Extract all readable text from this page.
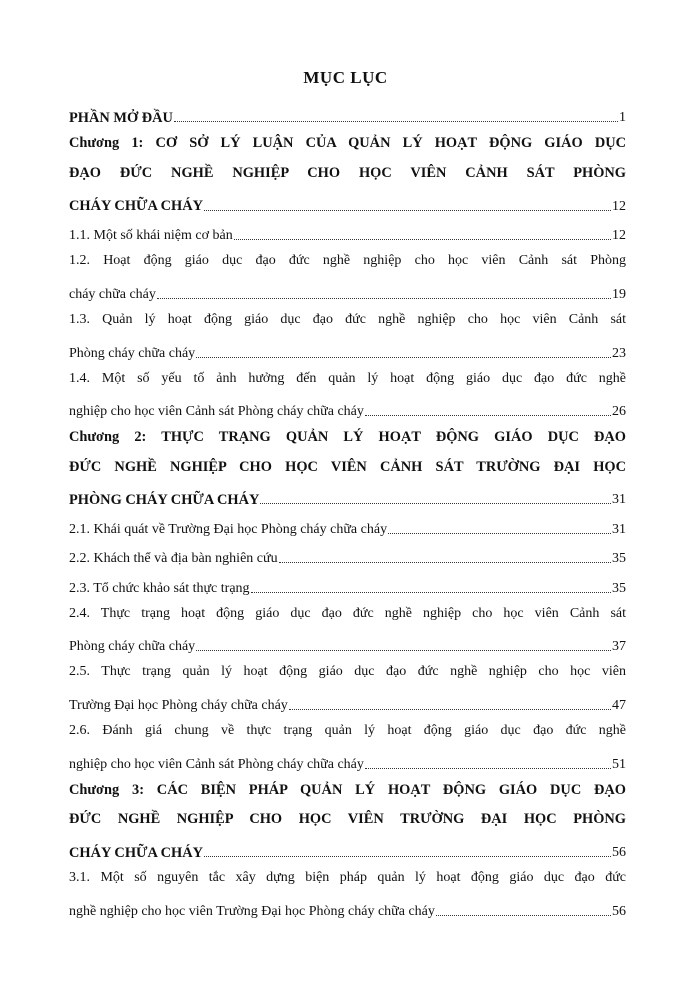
MỤC LỤC
PHẦN MỞ ĐẦU	1
Chương 1: CƠ SỞ LÝ LUẬN CỦA QUẢN LÝ HOẠT ĐỘNG GIÁO DỤC
ĐẠO ĐỨC NGHỀ NGHIỆP CHO HỌC VIÊN CẢNH SÁT PHÒNG
CHÁY CHỮA CHÁY	12
1.1. Một số khái niệm cơ bản	12
1.2. Hoạt động giáo dục đạo đức nghề nghiệp cho học viên Cảnh sát Phòng
cháy chữa cháy	19
1.3. Quản lý hoạt động giáo dục đạo đức nghề nghiệp cho học viên Cảnh sát
Phòng cháy chữa cháy	23
1.4. Một số yếu tố ảnh hưởng đến quản lý hoạt động giáo dục đạo đức nghề
nghiệp cho học viên Cảnh sát Phòng cháy chữa cháy	26
Chương 2: THỰC TRẠNG QUẢN LÝ HOẠT ĐỘNG GIÁO DỤC ĐẠO
ĐỨC NGHỀ NGHIỆP CHO HỌC VIÊN CẢNH SÁT TRƯỜNG ĐẠI HỌC
PHÒNG CHÁY CHỮA CHÁY	31
2.1. Khái quát về Trường Đại học Phòng cháy chữa cháy	31
2.2. Khách thể và địa bàn nghiên cứu	35
2.3. Tổ chức khảo sát thực trạng	35
2.4. Thực trạng hoạt động giáo dục đạo đức nghề nghiệp cho học viên Cảnh sát
Phòng cháy chữa cháy	37
2.5. Thực trạng quản lý hoạt động giáo dục đạo đức nghề nghiệp cho học viên
Trường Đại học Phòng cháy chữa cháy	47
2.6. Đánh giá chung về thực trạng quản lý hoạt động giáo dục đạo đức nghề
nghiệp cho học viên Cảnh sát Phòng cháy chữa cháy	51
Chương 3: CÁC BIỆN PHÁP QUẢN LÝ HOẠT ĐỘNG GIÁO DỤC ĐẠO
ĐỨC NGHỀ NGHIỆP CHO HỌC VIÊN TRƯỜNG ĐẠI HỌC PHÒNG
CHÁY CHỮA CHÁY	56
3.1. Một số nguyên tắc xây dựng biện pháp quản lý hoạt động giáo dục đạo đức
nghề nghiệp cho học viên Trường Đại học Phòng cháy chữa cháy	56
